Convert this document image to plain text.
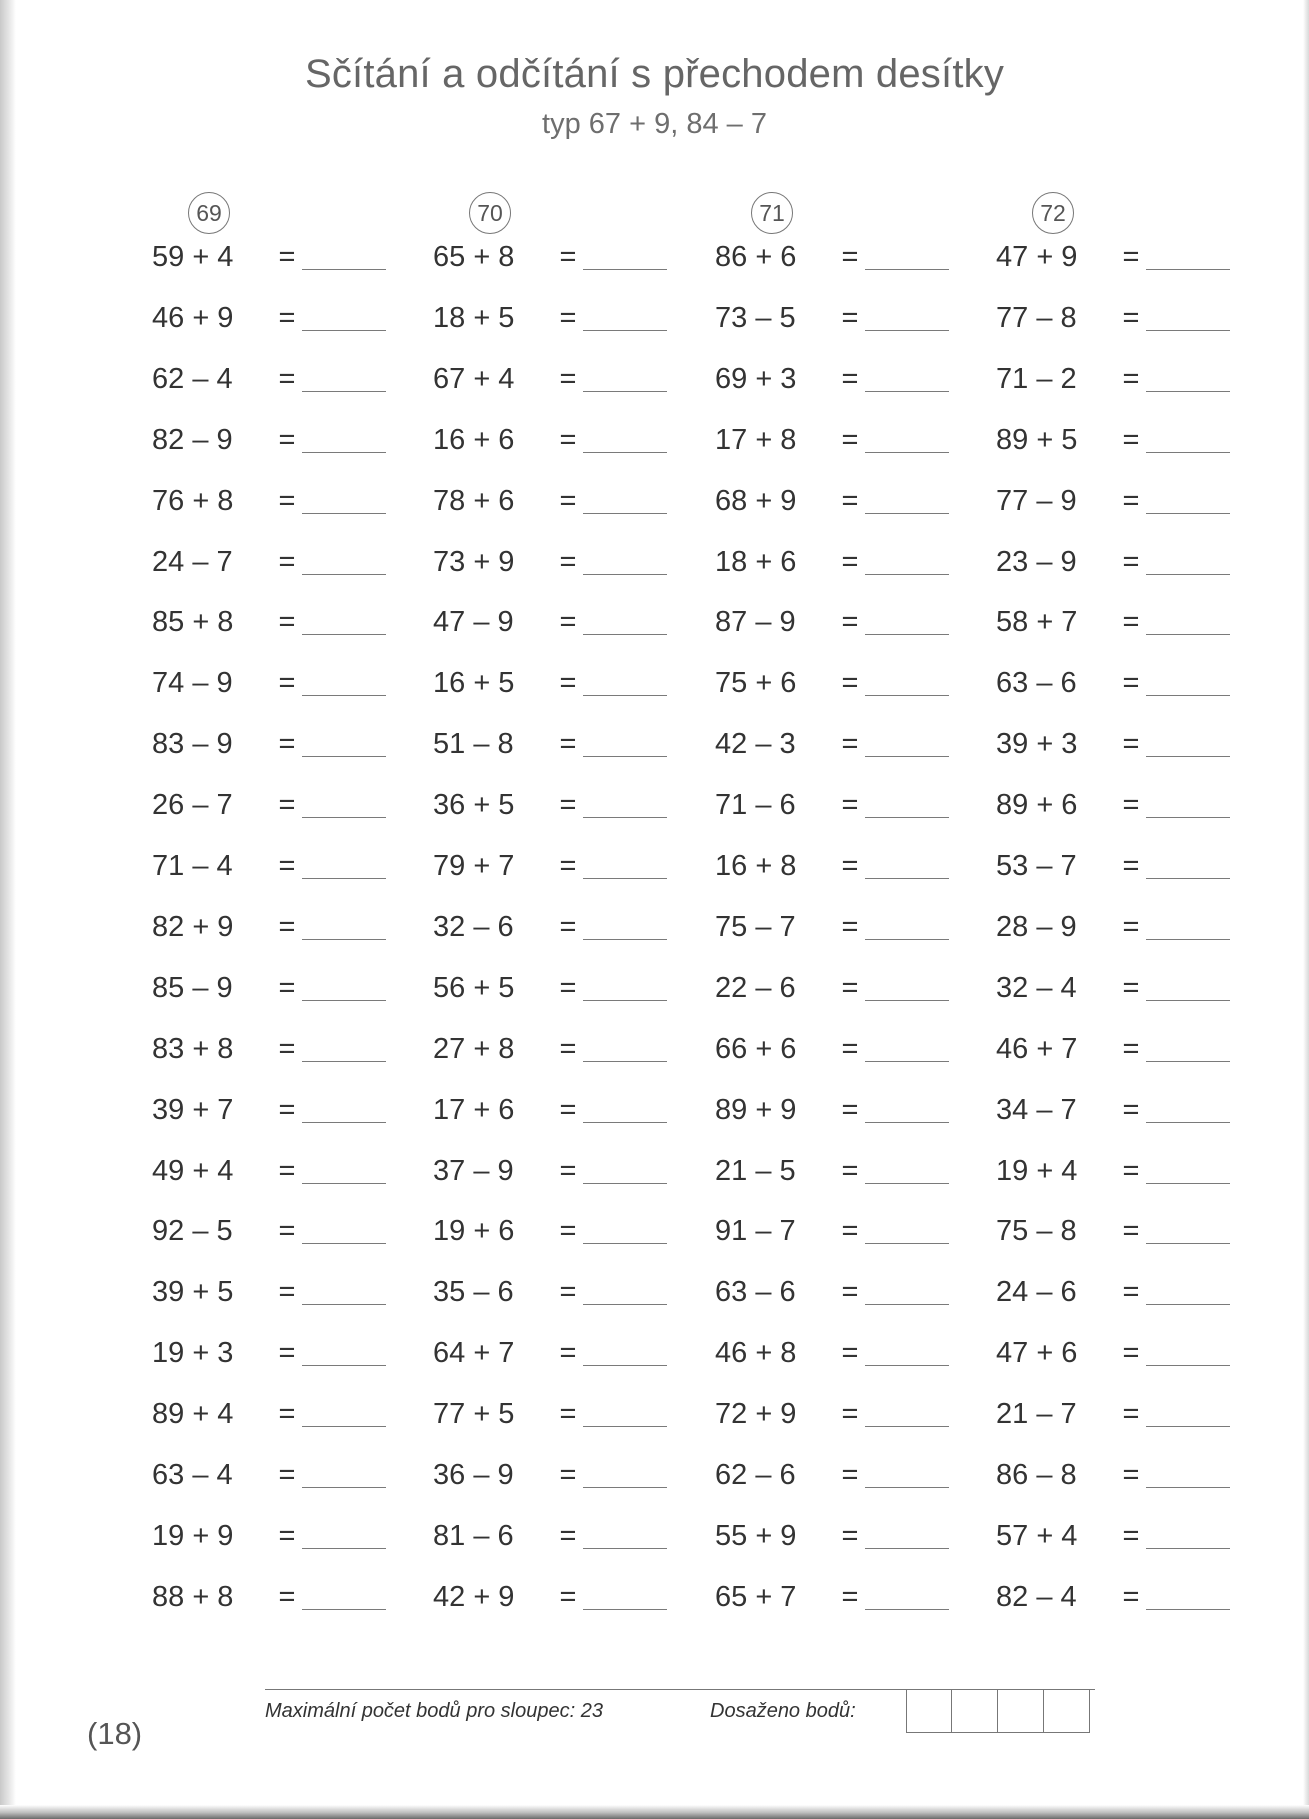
Sčítání a odčítání s přechodem desítky
typ 67 + 9, 84 – 7
69
59 + 4	=
46 + 9	=
62 – 4	=
82 – 9	=
76 + 8	=
24 – 7	=
85 + 8	=
74 – 9	=
83 – 9	=
26 – 7	=
71 – 4	=
82 + 9	=
85 – 9	=
83 + 8	=
39 + 7	=
49 + 4	=
92 – 5	=
39 + 5	=
19 + 3	=
89 + 4	=
63 – 4	=
19 + 9	=
88 + 8	=
70
65 + 8	=
18 + 5	=
67 + 4	=
16 + 6	=
78 + 6	=
73 + 9	=
47 – 9	=
16 + 5	=
51 – 8	=
36 + 5	=
79 + 7	=
32 – 6	=
56 + 5	=
27 + 8	=
17 + 6	=
37 – 9	=
19 + 6	=
35 – 6	=
64 + 7	=
77 + 5	=
36 – 9	=
81 – 6	=
42 + 9	=
71
86 + 6	=
73 – 5	=
69 + 3	=
17 + 8	=
68 + 9	=
18 + 6	=
87 – 9	=
75 + 6	=
42 – 3	=
71 – 6	=
16 + 8	=
75 – 7	=
22 – 6	=
66 + 6	=
89 + 9	=
21 – 5	=
91 – 7	=
63 – 6	=
46 + 8	=
72 + 9	=
62 – 6	=
55 + 9	=
65 + 7	=
72
47 + 9	=
77 – 8	=
71 – 2	=
89 + 5	=
77 – 9	=
23 – 9	=
58 + 7	=
63 – 6	=
39 + 3	=
89 + 6	=
53 – 7	=
28 – 9	=
32 – 4	=
46 + 7	=
34 – 7	=
19 + 4	=
75 – 8	=
24 – 6	=
47 + 6	=
21 – 7	=
86 – 8	=
57 + 4	=
82 – 4	=
Maximální počet bodů pro sloupec: 23	Dosaženo bodů:
(18)
